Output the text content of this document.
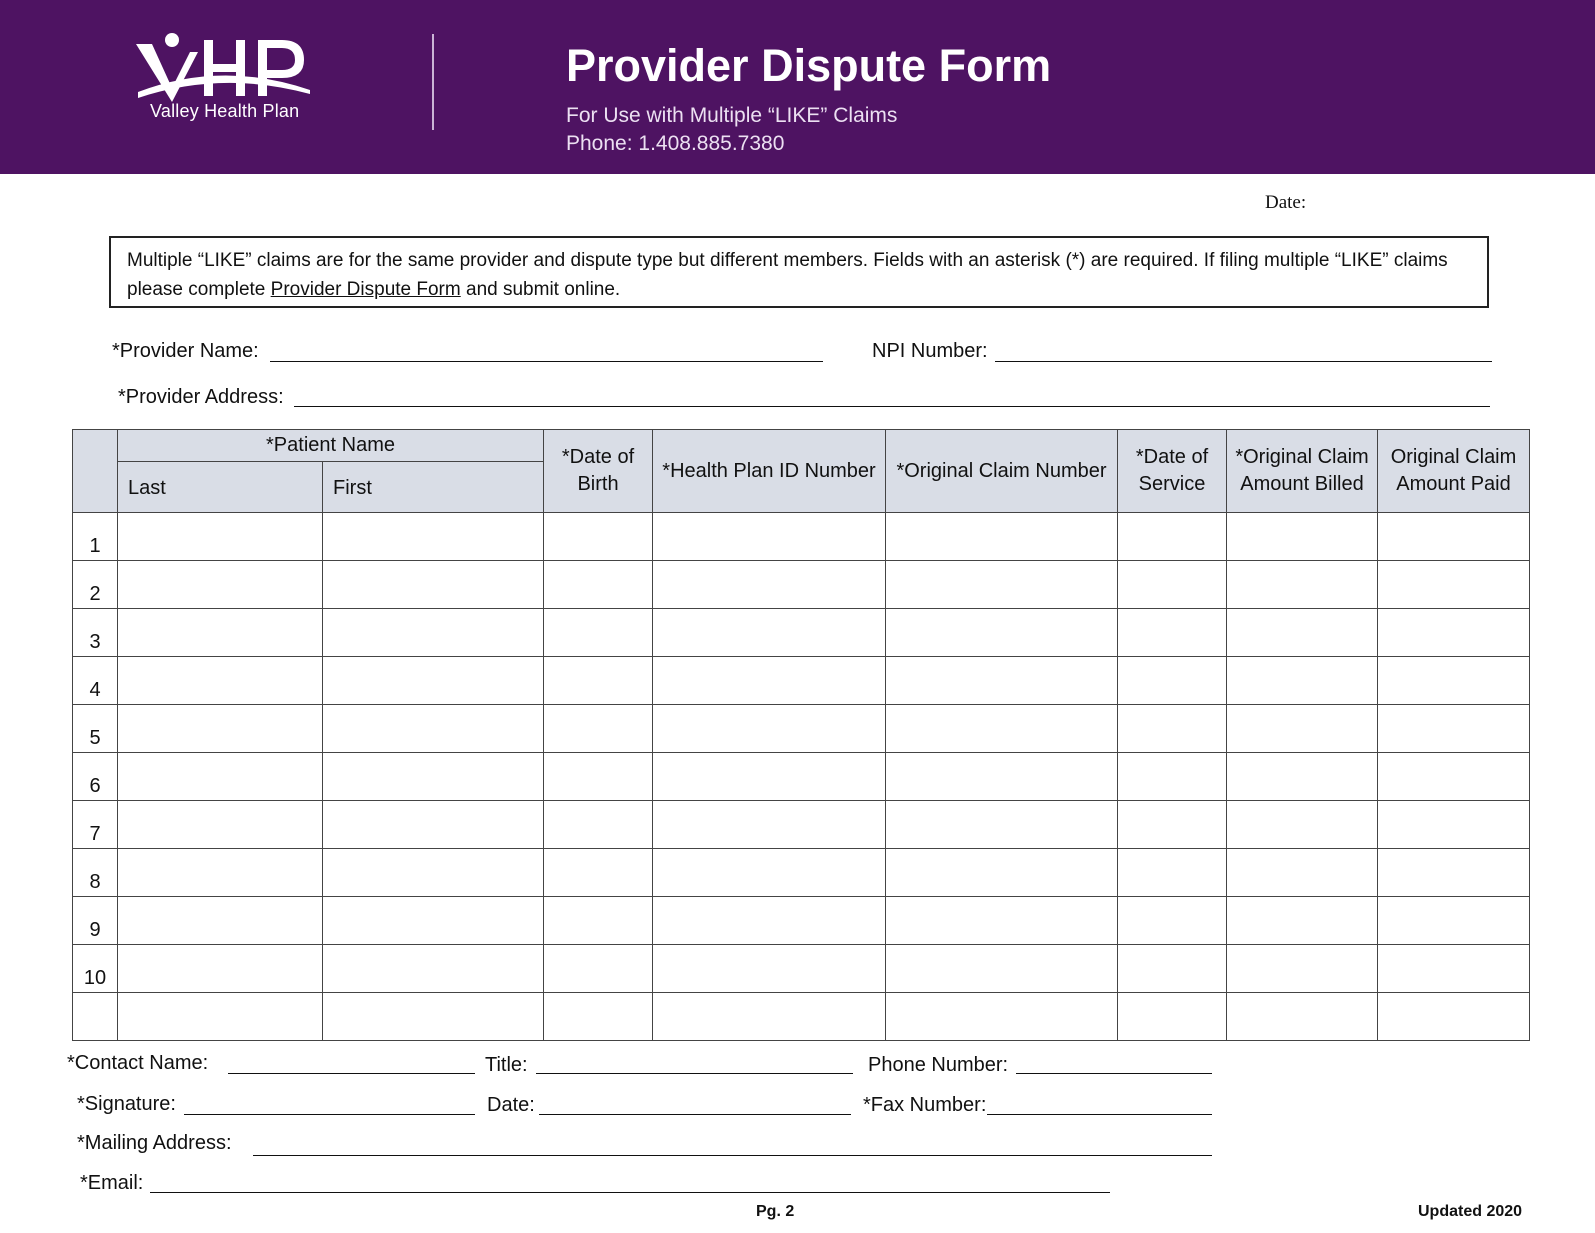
Valley Health Plan
Provider Dispute Form
For Use with Multiple “LIKE” Claims
Phone: 1.408.885.7380
Date:
Multiple “LIKE” claims are for the same provider and dispute type but different members. Fields with an asterisk (*) are required. If filing multiple “LIKE” claims please complete Provider Dispute Form and submit online.
*Provider Name:	NPI Number:
*Provider Address:
	*Patient Name		*Date of Birth	*Health Plan ID Number	*Original Claim Number	*Date of Service	*Original Claim Amount Billed	Original Claim Amount Paid
	Last	First						
1								
2								
3								
4								
5								
6								
7								
8								
9								
10								

*Contact Name:	Title:	Phone Number:
*Signature:	Date:	*Fax Number:
*Mailing Address:
*Email:
Pg. 2	Updated 2020
